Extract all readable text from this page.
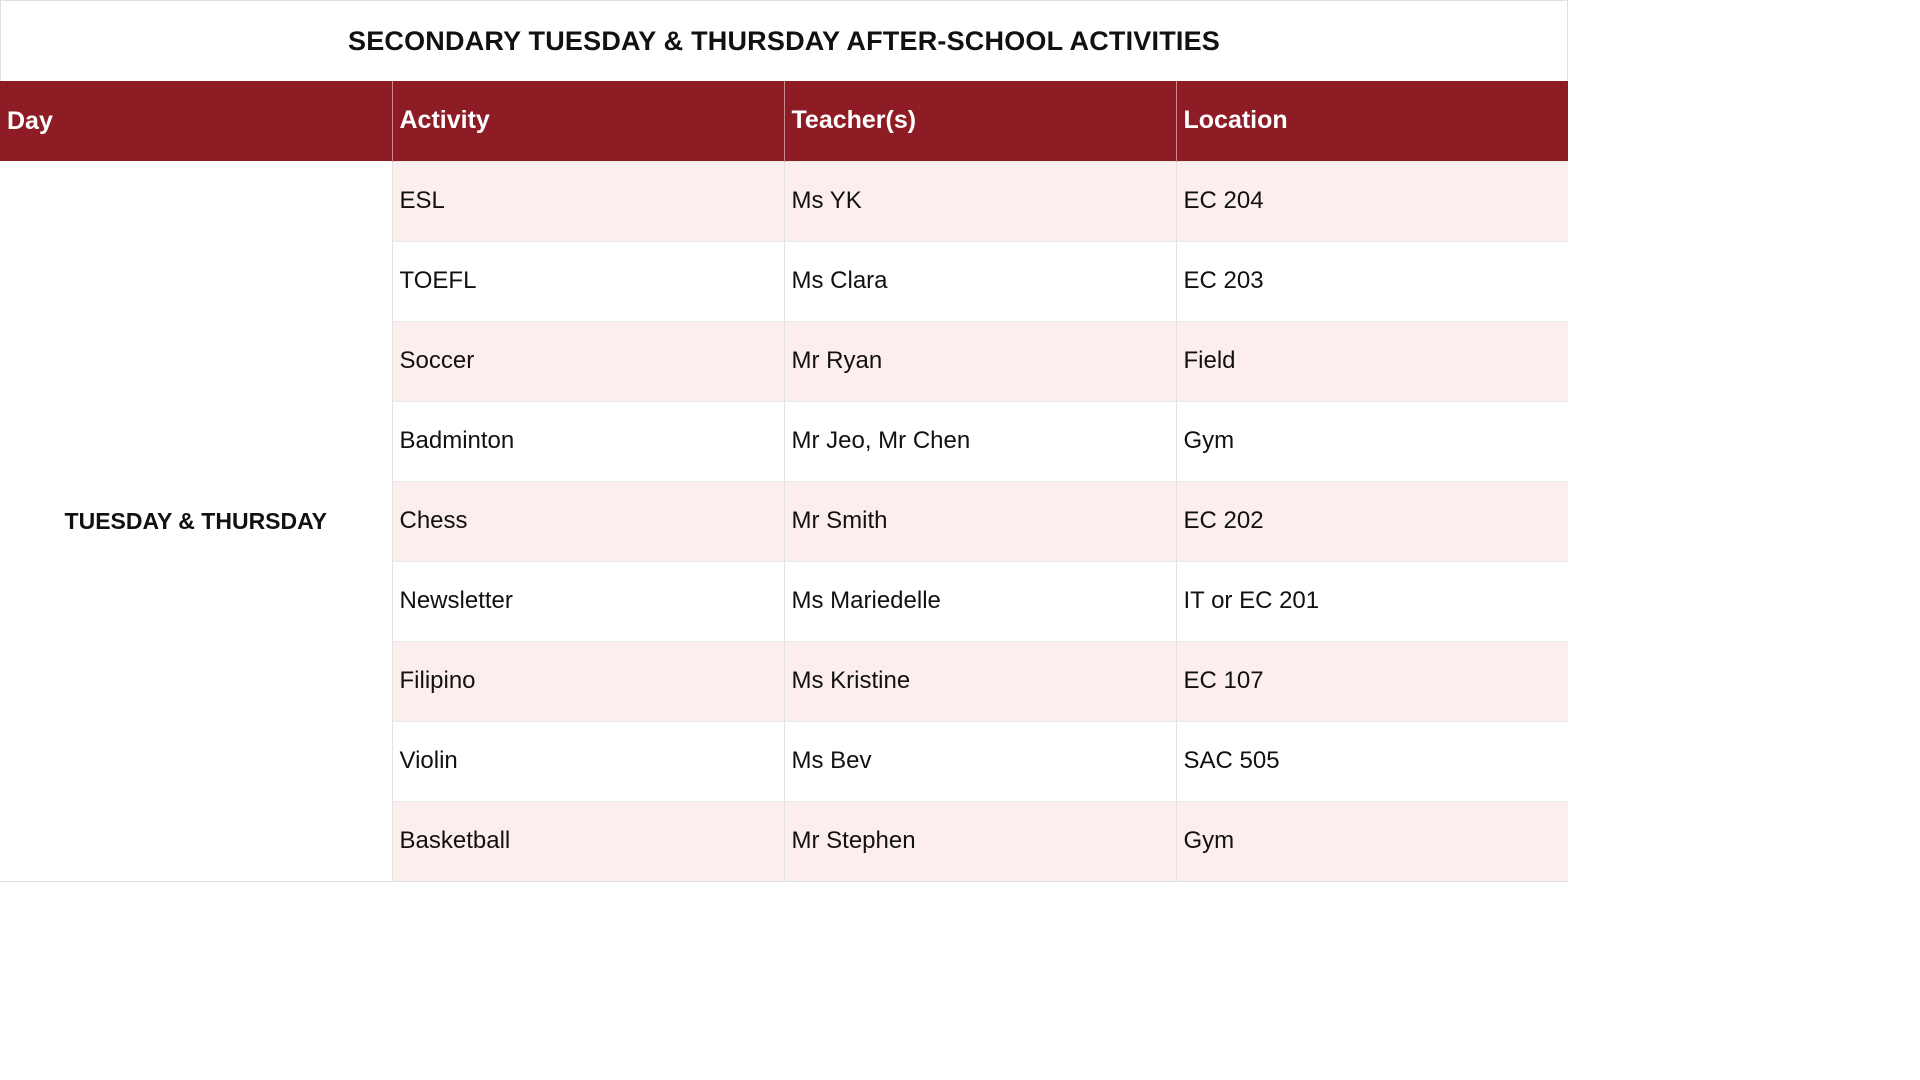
SECONDARY TUESDAY & THURSDAY AFTER-SCHOOL ACTIVITIES
Day	Activity	Teacher(s)	Location
TUESDAY & THURSDAY	ESL	Ms YK	EC 204
	TOEFL	Ms Clara	EC 203
	Soccer	Mr Ryan	Field
	Badminton	Mr Jeo, Mr Chen	Gym
	Chess	Mr Smith	EC 202
	Newsletter	Ms Mariedelle	IT or EC 201
	Filipino	Ms Kristine	EC 107
	Violin	Ms Bev	SAC 505
	Basketball	Mr Stephen	Gym
